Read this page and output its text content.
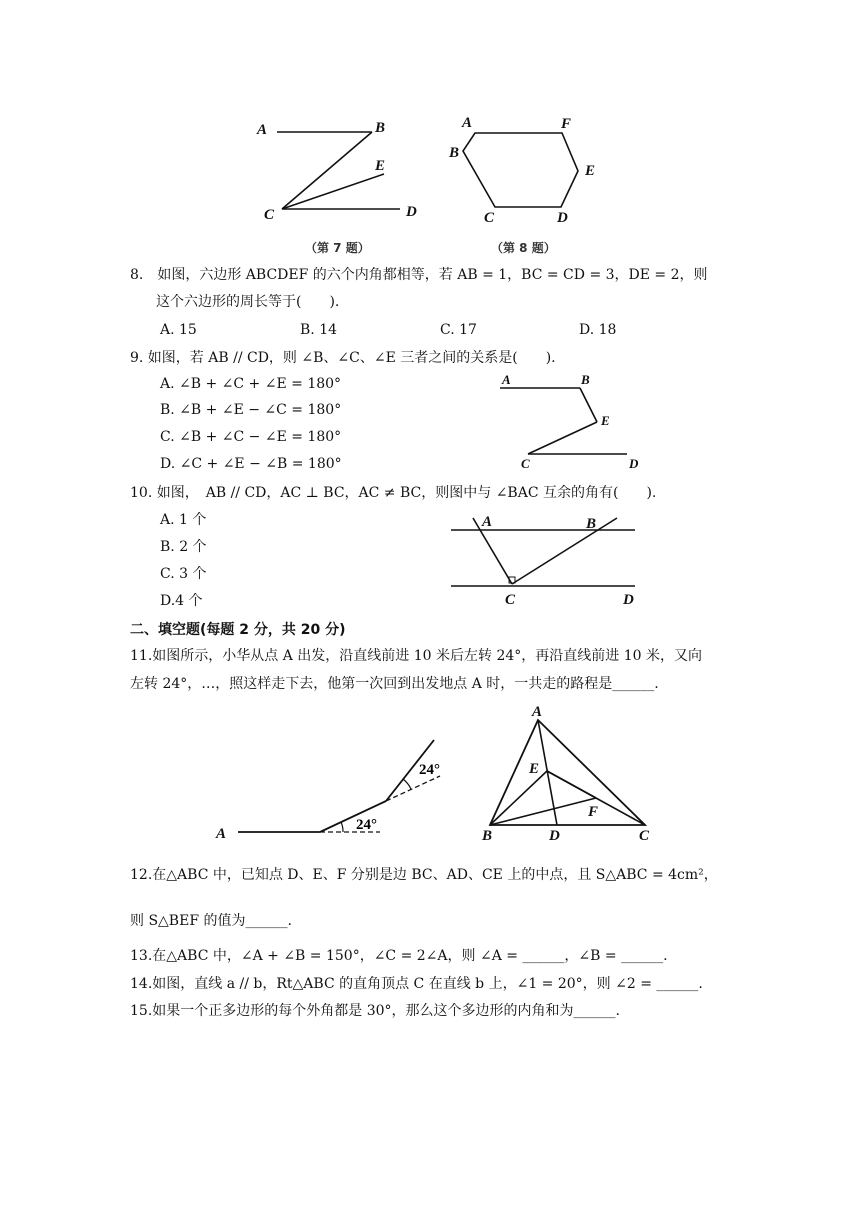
A	B
E
C	D
（第 7 题）
A	F
B
E
C	D
（第 8 题）
8.　如图，六边形 ABCDEF 的六个内角都相等，若 AB = 1，BC = CD = 3，DE = 2，则
这个六边形的周长等于(　　).
A. 15	B. 14	C. 17	D. 18
9. 如图，若 AB // CD，则 ∠B、∠C、∠E 三者之间的关系是(　　).
A. ∠B + ∠C + ∠E = 180°
B. ∠B + ∠E − ∠C = 180°
C. ∠B + ∠C − ∠E = 180°
D. ∠C + ∠E − ∠B = 180°
A	B
E
C	D
10. 如图，　AB // CD，AC ⊥ BC，AC ≠ BC，则图中与 ∠BAC 互余的角有(　　).
A. 1 个
B. 2 个
C. 3 个
D.4 个
A	B
C	D
二、填空题(每题 2 分，共 20 分)
11.如图所示，小华从点 A 出发，沿直线前进 10 米后左转 24°，再沿直线前进 10 米，又向
左转 24°，…，照这样走下去，他第一次回到出发地点 A 时，一共走的路程是______.
A
24°
24°
A
E
F
B	D	C
12.在△ABC 中，已知点 D、E、F 分别是边 BC、AD、CE 上的中点，且 S△ABC = 4cm²，
则 S△BEF 的值为______.
13.在△ABC 中，∠A + ∠B = 150°，∠C = 2∠A，则 ∠A = ______，∠B = ______.
14.如图，直线 a // b，Rt△ABC 的直角顶点 C 在直线 b 上，∠1 = 20°，则 ∠2 = ______.
15.如果一个正多边形的每个外角都是 30°，那么这个多边形的内角和为______.
